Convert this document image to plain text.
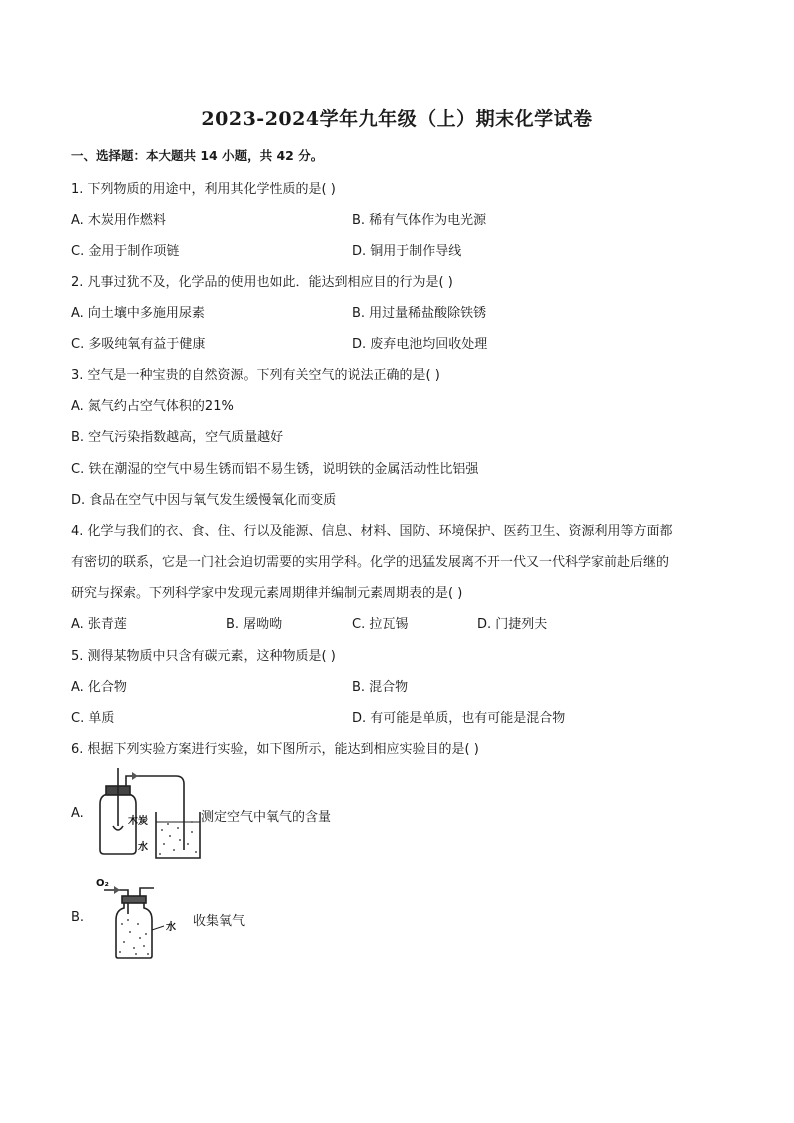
2023-2024学年九年级（上）期末化学试卷
一、选择题：本大题共 14 小题，共 42 分。
1. 下列物质的用途中，利用其化学性质的是( )
A. 木炭用作燃料	B. 稀有气体作为电光源
C. 金用于制作项链	D. 铜用于制作导线
2. 凡事过犹不及，化学品的使用也如此．能达到相应目的行为是( )
A. 向土壤中多施用尿素	B. 用过量稀盐酸除铁锈
C. 多吸纯氧有益于健康	D. 废弃电池均回收处理
3. 空气是一种宝贵的自然资源。下列有关空气的说法正确的是( )
A. 氮气约占空气体积的21%
B. 空气污染指数越高，空气质量越好
C. 铁在潮湿的空气中易生锈而铝不易生锈，说明铁的金属活动性比铝强
D. 食品在空气中因与氧气发生缓慢氧化而变质
4. 化学与我们的衣、食、住、行以及能源、信息、材料、国防、环境保护、医药卫生、资源利用等方面都
有密切的联系，它是一门社会迫切需要的实用学科。化学的迅猛发展离不开一代又一代科学家前赴后继的
研究与探索。下列科学家中发现元素周期律并编制元素周期表的是( )
A. 张青莲	B. 屠呦呦	C. 拉瓦锡	D. 门捷列夫
5. 测得某物质中只含有碳元素，这种物质是( )
A. 化合物	B. 混合物
C. 单质	D. 有可能是单质，也有可能是混合物
6. 根据下列实验方案进行实验，如下图所示，能达到相应实验目的是( )
A.
木炭
水
测定空气中氧气的含量
B.
O₂
水 收集氧气
